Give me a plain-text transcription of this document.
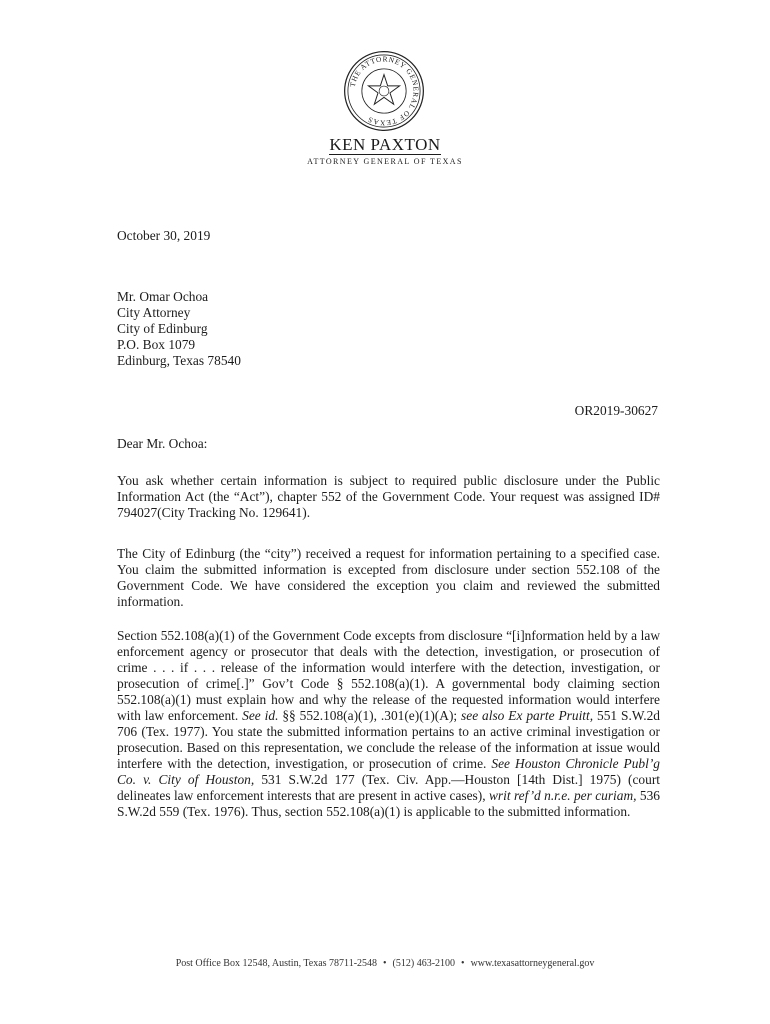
THE ATTORNEY GENERAL OF TEXAS
KEN PAXTON
ATTORNEY GENERAL OF TEXAS
October 30, 2019
Mr. Omar Ochoa
City Attorney
City of Edinburg
P.O. Box 1079
Edinburg, Texas 78540
OR2019-30627
Dear Mr. Ochoa:
You ask whether certain information is subject to required public disclosure under the Public Information Act (the “Act”), chapter 552 of the Government Code. Your request was assigned ID# 794027(City Tracking No. 129641).
The City of Edinburg (the “city”) received a request for information pertaining to a specified case. You claim the submitted information is excepted from disclosure under section 552.108 of the Government Code. We have considered the exception you claim and reviewed the submitted information.
Section 552.108(a)(1) of the Government Code excepts from disclosure “[i]nformation held by a law enforcement agency or prosecutor that deals with the detection, investigation, or prosecution of crime . . . if . . . release of the information would interfere with the detection, investigation, or prosecution of crime[.]” Gov’t Code § 552.108(a)(1). A governmental body claiming section 552.108(a)(1) must explain how and why the release of the requested information would interfere with law enforcement. See id. §§ 552.108(a)(1), .301(e)(1)(A); see also Ex parte Pruitt, 551 S.W.2d 706 (Tex. 1977). You state the submitted information pertains to an active criminal investigation or prosecution. Based on this representation, we conclude the release of the information at issue would interfere with the detection, investigation, or prosecution of crime. See Houston Chronicle Publ’g Co. v. City of Houston, 531 S.W.2d 177 (Tex. Civ. App.—Houston [14th Dist.] 1975) (court delineates law enforcement interests that are present in active cases), writ ref’d n.r.e. per curiam, 536 S.W.2d 559 (Tex. 1976). Thus, section 552.108(a)(1) is applicable to the submitted information.
Post Office Box 12548, Austin, Texas 78711-2548 • (512) 463-2100 • www.texasattorneygeneral.gov
